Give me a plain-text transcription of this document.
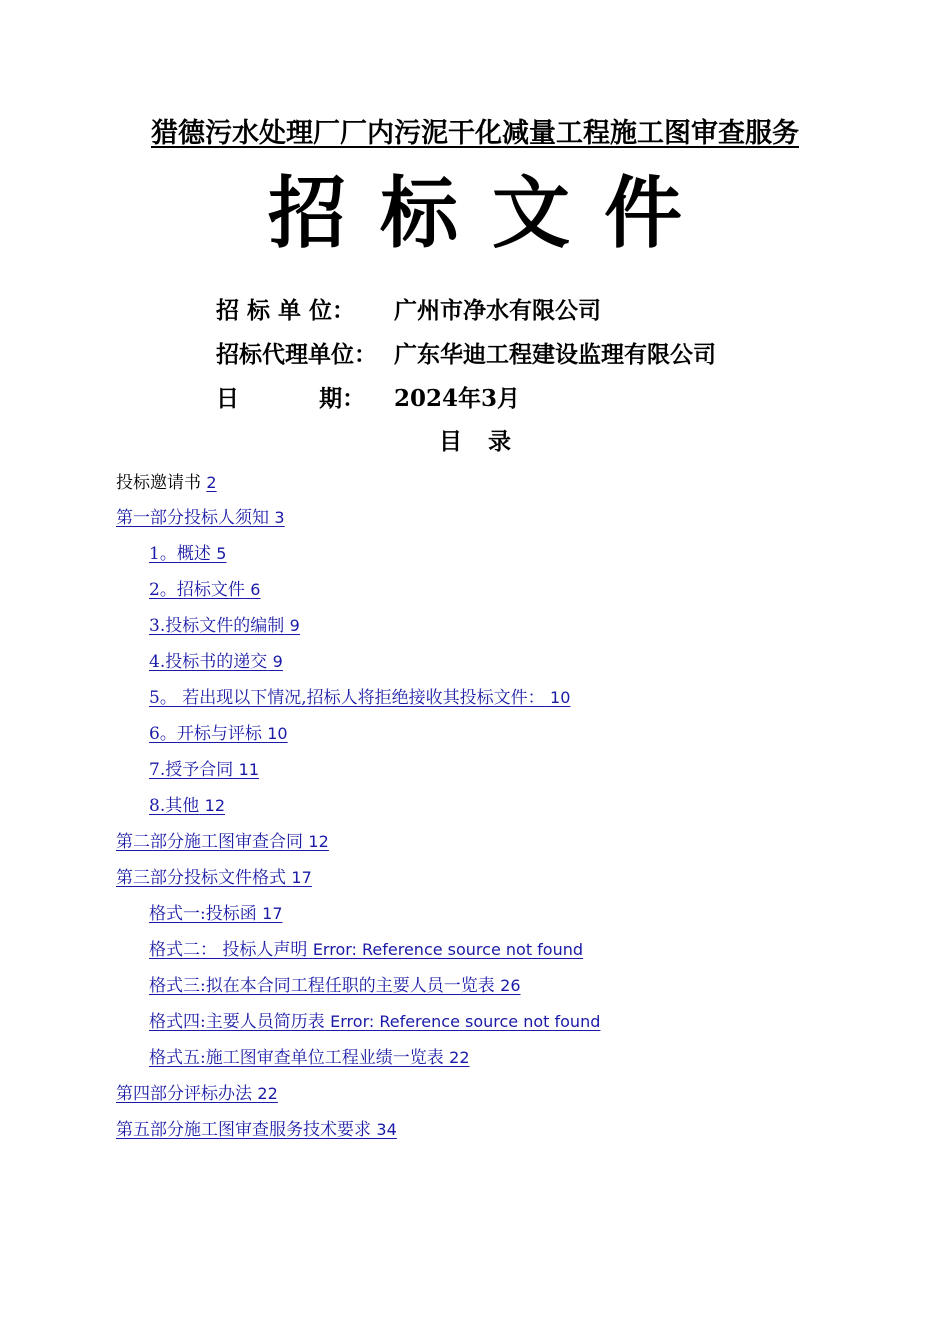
猎德污水处理厂厂内污泥干化减量工程施工图审查服务
招标文件
招 标 单 位： 广州市净水有限公司
招标代理单位： 广东华迪工程建设监理有限公司
日          期： 2024年3月
目录
投标邀请书 2
第一部分投标人须知 3
1。概述 5
2。招标文件 6
3.投标文件的编制 9
4.投标书的递交 9
5。 若出现以下情况,招标人将拒绝接收其投标文件： 10
6。开标与评标 10
7.授予合同 11
8.其他 12
第二部分施工图审查合同 12
第三部分投标文件格式 17
格式一:投标函 17
格式二： 投标人声明 Error: Reference source not found
格式三:拟在本合同工程任职的主要人员一览表 26
格式四:主要人员简历表 Error: Reference source not found
格式五:施工图审查单位工程业绩一览表 22
第四部分评标办法 22
第五部分施工图审查服务技术要求 34
